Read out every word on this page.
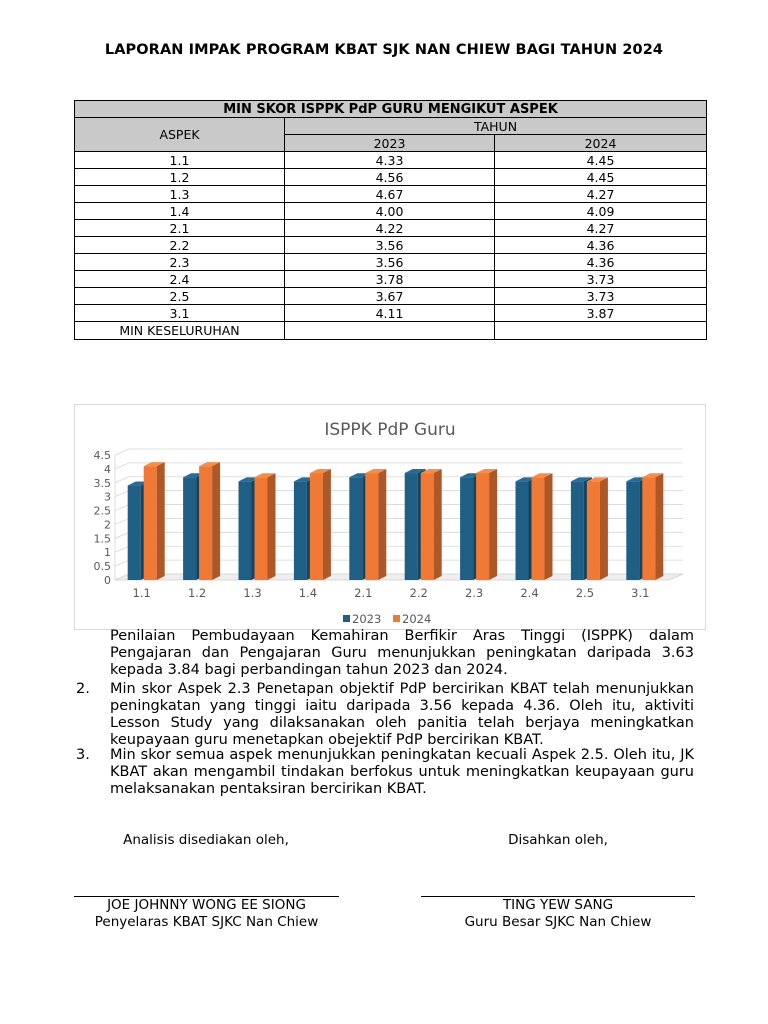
LAPORAN IMPAK PROGRAM KBAT SJK NAN CHIEW BAGI TAHUN 2024
MIN SKOR ISPPK PdP GURU MENGIKUT ASPEK		
ASPEK	TAHUN	
	2023	2024
1.1	4.33	4.45
1.2	4.56	4.45
1.3	4.67	4.27
1.4	4.00	4.09
2.1	4.22	4.27
2.2	3.56	4.36
2.3	3.56	4.36
2.4	3.78	3.73
2.5	3.67	3.73
3.1	4.11	3.87
MIN KESELURUHAN		
ISPPK PdP Guru
0
0.5
1
1.5
2
2.5
3
3.5
4
4.5
1.1	1.2	1.3	1.4	2.1	2.2	2.3	2.4	2.5	3.1
2023 2024
Penilaian Pembudayaan Kemahiran Berfikir Aras Tinggi (ISPPK) dalam Pengajaran dan Pengajaran Guru menunjukkan peningkatan daripada 3.63 kepada 3.84 bagi perbandingan tahun 2023 dan 2024.
2. Min skor Aspek 2.3 Penetapan objektif PdP bercirikan KBAT telah menunjukkan peningkatan yang tinggi iaitu daripada 3.56 kepada 4.36. Oleh itu, aktiviti Lesson Study yang dilaksanakan oleh panitia telah berjaya meningkatkan keupayaan guru menetapkan obejektif PdP bercirikan KBAT.
3. Min skor semua aspek menunjukkan peningkatan kecuali Aspek 2.5. Oleh itu, JK KBAT akan mengambil tindakan berfokus untuk meningkatkan keupayaan guru melaksanakan pentaksiran bercirikan KBAT.
Analisis disediakan oleh,
JOE JOHNNY WONG EE SIONG
Penyelaras KBAT SJKC Nan Chiew
Disahkan oleh,
TING YEW SANG
Guru Besar SJKC Nan Chiew
